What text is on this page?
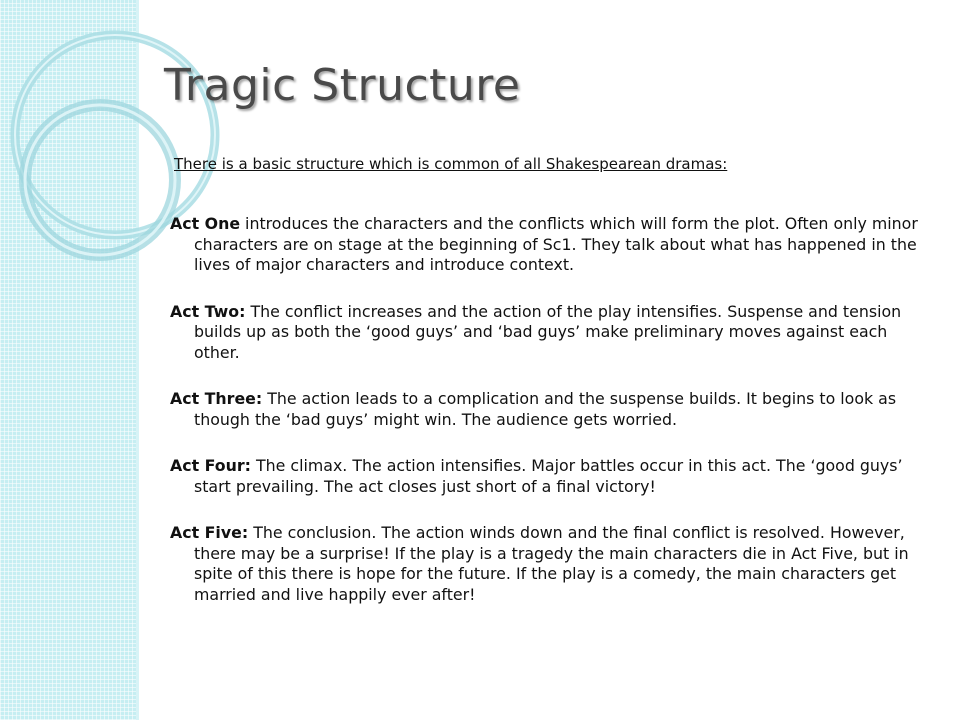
Tragic Structure

There is a basic structure which is common of all Shakespearean dramas:

Act One introduces the characters and the conflicts which will form the plot. Often only minor characters are on stage at the beginning of Sc1. They talk about what has happened in the lives of major characters and introduce context.
Act Two: The conflict increases and the action of the play intensifies. Suspense and tension builds up as both the ‘good guys’ and ‘bad guys’ make preliminary moves against each other.
Act Three: The action leads to a complication and the suspense builds. It begins to look as though the ‘bad guys’ might win. The audience gets worried.
Act Four: The climax. The action intensifies. Major battles occur in this act. The ‘good guys’ start prevailing. The act closes just short of a final victory!
Act Five: The conclusion. The action winds down and the final conflict is resolved. However, there may be a surprise! If the play is a tragedy the main characters die in Act Five, but in spite of this there is hope for the future. If the play is a comedy, the main characters get married and live happily ever after!
